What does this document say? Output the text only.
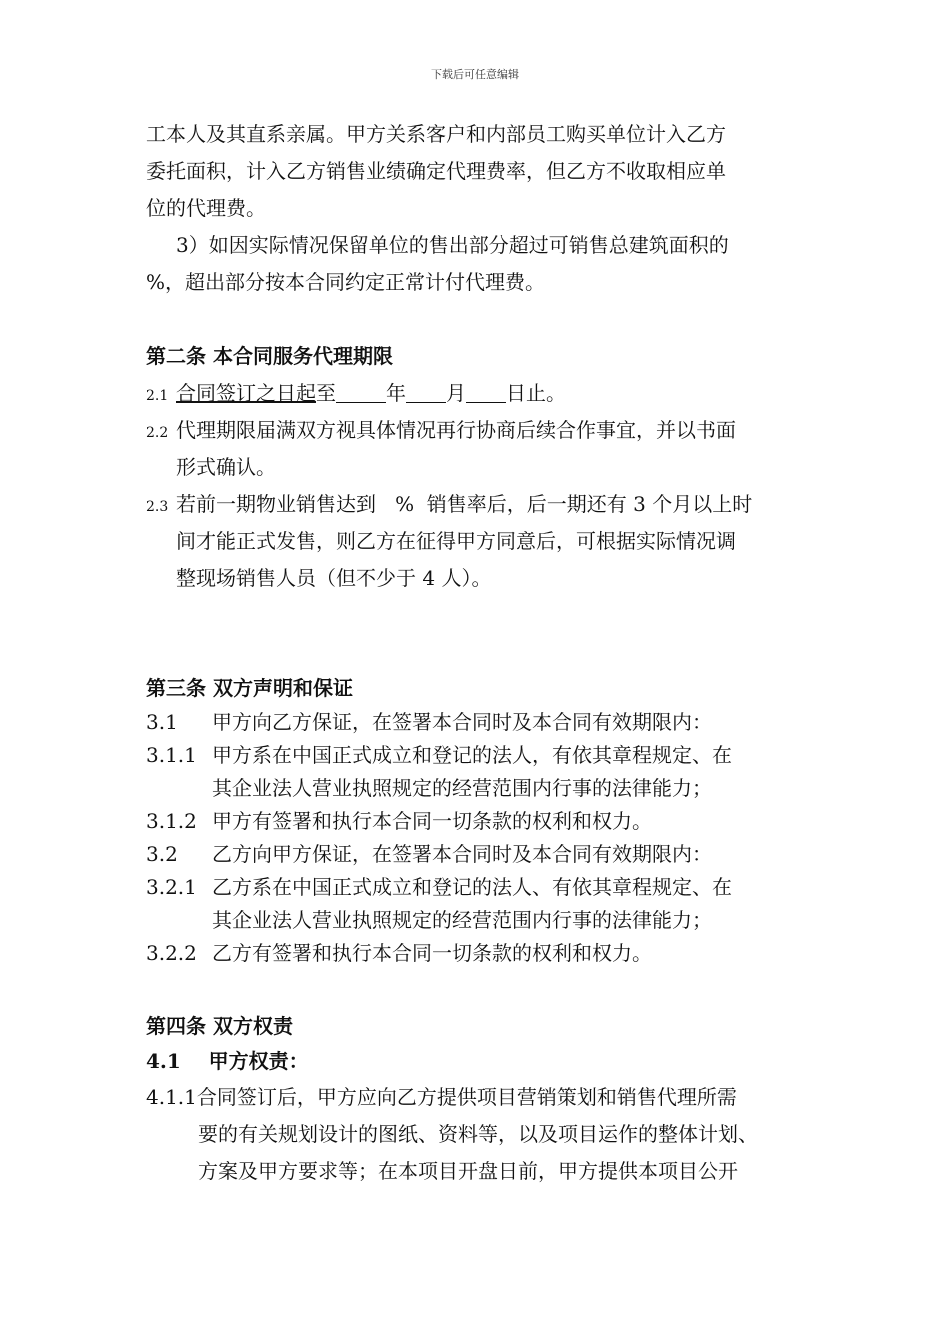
下载后可任意编辑
工本人及其直系亲属。甲方关系客户和内部员工购买单位计入乙方
委托面积，计入乙方销售业绩确定代理费率，但乙方不收取相应单
位的代理费。
3）如因实际情况保留单位的售出部分超过可销售总建筑面积的
%，超出部分按本合同约定正常计付代理费。
第二条 本合同服务代理期限
2.1 合同签订之日起至	年 月 日止。
2.2 代理期限届满双方视具体情况再行协商后续合作事宜，并以书面
形式确认。
2.3 若前一期物业销售达到   %  销售率后，后一期还有 3 个月以上时
间才能正式发售，则乙方在征得甲方同意后，可根据实际情况调
整现场销售人员（但不少于 4 人）。
第三条 双方声明和保证
3.1 甲方向乙方保证，在签署本合同时及本合同有效期限内：
3.1.1 甲方系在中国正式成立和登记的法人，有依其章程规定、在
其企业法人营业执照规定的经营范围内行事的法律能力；
3.1.2 甲方有签署和执行本合同一切条款的权利和权力。
3.2 乙方向甲方保证，在签署本合同时及本合同有效期限内：
3.2.1 乙方系在中国正式成立和登记的法人、有依其章程规定、在
其企业法人营业执照规定的经营范围内行事的法律能力；
3.2.2 乙方有签署和执行本合同一切条款的权利和权力。
第四条 双方权责
4.1    甲方权责：
4.1.1合同签订后，甲方应向乙方提供项目营销策划和销售代理所需
要的有关规划设计的图纸、资料等，以及项目运作的整体计划、
方案及甲方要求等；在本项目开盘日前，甲方提供本项目公开
